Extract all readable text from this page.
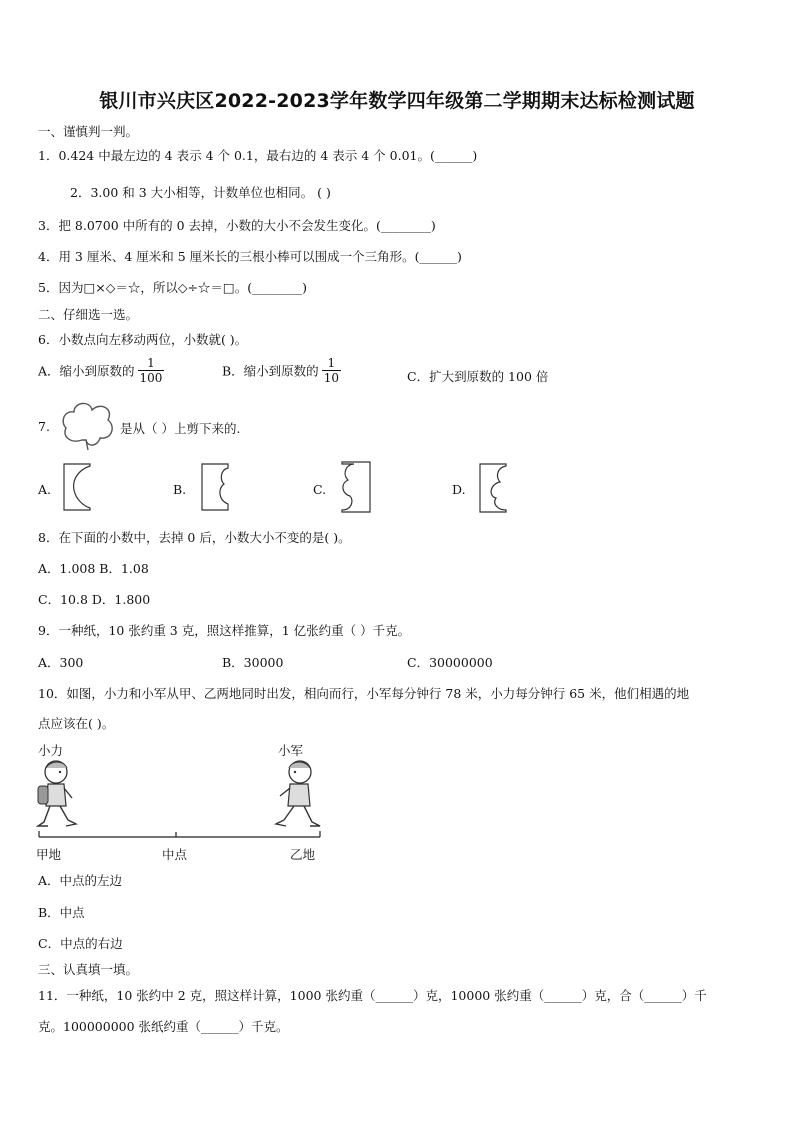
银川市兴庆区2022-2023学年数学四年级第二学期期末达标检测试题
一、谨慎判一判。
1．0.424 中最左边的 4 表示 4 个 0.1，最右边的 4 表示 4 个 0.01。(______)
2．3.00 和 3 大小相等，计数单位也相同。 ( )
3．把 8.0700 中所有的 0 去掉，小数的大小不会发生变化。(________)
4．用 3 厘米、4 厘米和 5 厘米长的三根小棒可以围成一个三角形。(______)
5．因为□×◇＝☆，所以◇÷☆＝□。(________)
二、仔细选一选。
6．小数点向左移动两位，小数就( )。
A．缩小到原数的 $\frac{1}{100}$	B．缩小到原数的 $\frac{1}{10}$	C．扩大到原数的 100 倍
7.	是从（ ）上剪下来的.
A.	B.	C.	D.
8．在下面的小数中，去掉 0 后，小数大小不变的是( )。
A．1.008 B．1.08
C．10.8 D．1.800
9．一种纸，10 张约重 3 克，照这样推算，1 亿张约重（ ）千克。
A．300	B．30000	C．30000000
10．如图，小力和小军从甲、乙两地同时出发，相向而行，小军每分钟行 78 米，小力每分钟行 65 米，他们相遇的地
点应该在( )。
小力	小军
甲地	中点	乙地
A．中点的左边
B．中点
C．中点的右边
三、认真填一填。
11．一种纸，10 张约中 2 克，照这样计算，1000 张约重（______）克，10000 张约重（______）克，合（______）千
克。100000000 张纸约重（______）千克。
